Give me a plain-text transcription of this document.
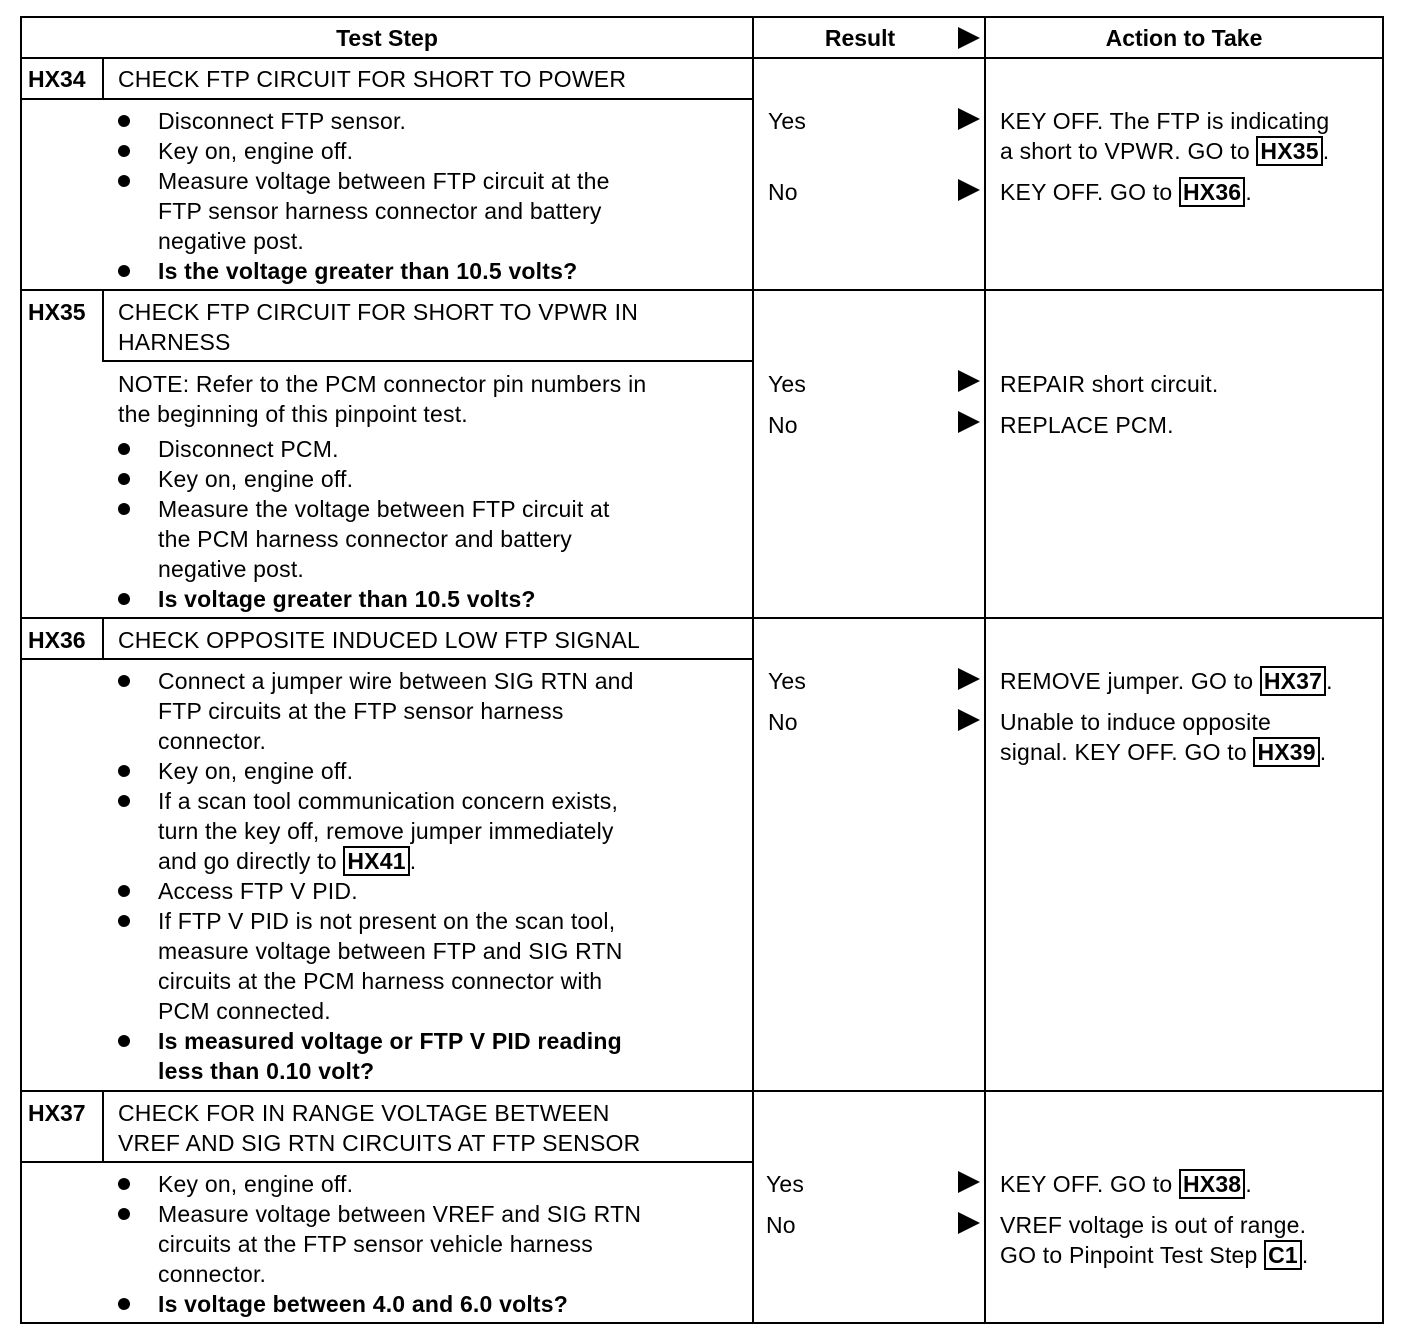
Test Step	Result	Action to Take
HX34 CHECK FTP CIRCUIT FOR SHORT TO POWER
Disconnect FTP sensor.
Key on, engine off.
Measure voltage between FTP circuit at the
FTP sensor harness connector and battery
negative post.
Is the voltage greater than 10.5 volts?
Yes	KEY OFF. The FTP is indicating
a short to VPWR. GO to HX35 .
No	KEY OFF. GO to HX36 .
HX35 CHECK FTP CIRCUIT FOR SHORT TO VPWR IN
HARNESS
NOTE: Refer to the PCM connector pin numbers in
the beginning of this pinpoint test.
Disconnect PCM.
Key on, engine off.
Measure the voltage between FTP circuit at
the PCM harness connector and battery
negative post.
Is voltage greater than 10.5 volts?
Yes	REPAIR short circuit.
No	REPLACE PCM.
HX36 CHECK OPPOSITE INDUCED LOW FTP SIGNAL
Connect a jumper wire between SIG RTN and
FTP circuits at the FTP sensor harness
connector.
Key on, engine off.
If a scan tool communication concern exists,
turn the key off, remove jumper immediately
and go directly to HX41 .
Access FTP V PID.
If FTP V PID is not present on the scan tool,
measure voltage between FTP and SIG RTN
circuits at the PCM harness connector with
PCM connected.
Is measured voltage or FTP V PID reading
less than 0.10 volt?
Yes	REMOVE jumper. GO to HX37 .
No	Unable to induce opposite
signal. KEY OFF. GO to HX39 .
HX37 CHECK FOR IN RANGE VOLTAGE BETWEEN
VREF AND SIG RTN CIRCUITS AT FTP SENSOR
Key on, engine off.
Measure voltage between VREF and SIG RTN
circuits at the FTP sensor vehicle harness
connector.
Is voltage between 4.0 and 6.0 volts?
Yes	KEY OFF. GO to HX38 .
No	VREF voltage is out of range.
GO to Pinpoint Test Step C1 .
